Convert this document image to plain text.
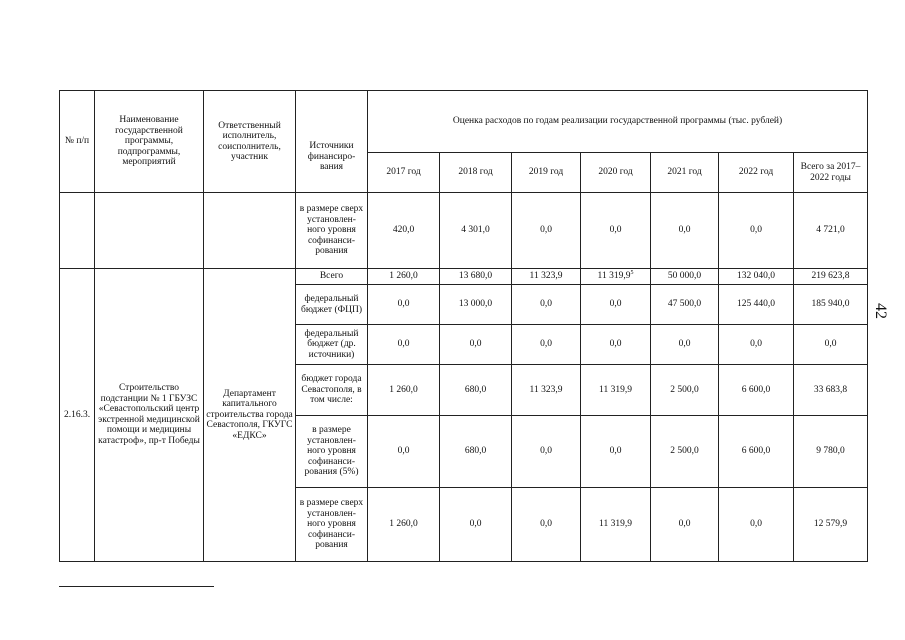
№ п/п	Наименование государственной программы, подпрограммы, мероприятий	Ответственный исполнитель, соисполнитель, участник	Источники финансиро-вания	Оценка расходов по годам реализации государственной программы (тыс. рублей)						
				2017 год	2018 год	2019 год	2020 год	2021 год	2022 год	Всего за 2017–2022 годы
			в размере сверх установлен-ного уровня софинанси-рования	420,0	4 301,0	0,0	0,0	0,0	0,0	4 721,0
2.16.3.	Строительство подстанции № 1 ГБУЗС «Севастопольский центр экстренной медицинской помощи и медицины катастроф», пр-т Победы	Департамент капитального строительства города Севастополя, ГКУГС «ЕДКС»	Всего	1 260,0	13 680,0	11 323,9	11 319,9$^5$	50 000,0	132 040,0	219 623,8
			федеральный бюджет (ФЦП)	0,0	13 000,0	0,0	0,0	47 500,0	125 440,0	185 940,0
			федеральный бюджет (др. источники)	0,0	0,0	0,0	0,0	0,0	0,0	0,0
			бюджет города Севастополя, в том числе:	1 260,0	680,0	11 323,9	11 319,9	2 500,0	6 600,0	33 683,8
			в размере установлен-ного уровня софинанси-рования (5%)	0,0	680,0	0,0	0,0	2 500,0	6 600,0	9 780,0
			в размере сверх установлен-ного уровня софинанси-рования	1 260,0	0,0	0,0	11 319,9	0,0	0,0	12 579,9
42
